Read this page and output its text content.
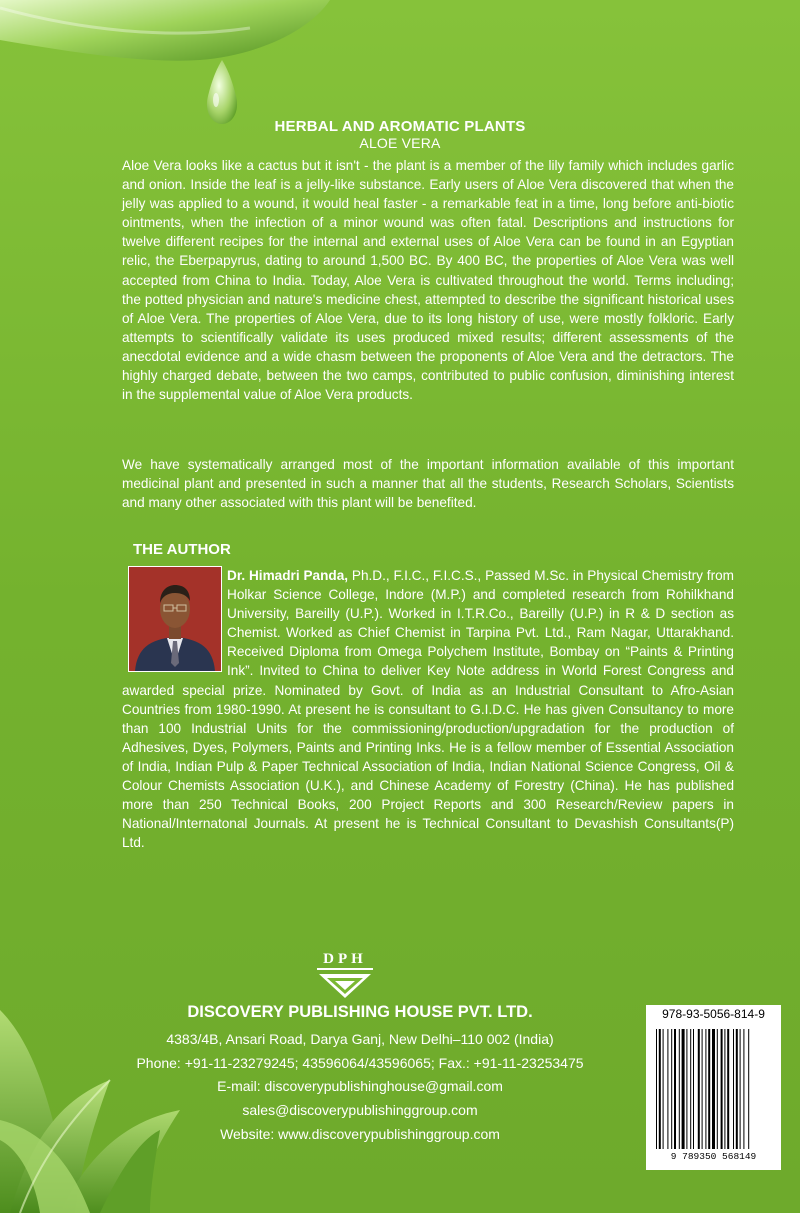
HERBAL AND AROMATIC PLANTS
ALOE VERA
Aloe Vera looks like a cactus but it isn't - the plant is a member of the lily family which includes garlic and onion. Inside the leaf is a jelly-like substance. Early users of Aloe Vera discovered that when the jelly was applied to a wound, it would heal faster - a remarkable feat in a time, long before anti-biotic ointments, when the infection of a minor wound was often fatal. Descriptions and instructions for twelve different recipes for the internal and external uses of Aloe Vera can be found in an Egyptian relic, the Eberpapyrus, dating to around 1,500 BC. By 400 BC, the properties of Aloe Vera was well accepted from China to India. Today, Aloe Vera is cultivated throughout the world. Terms including; the potted physician and nature's medicine chest, attempted to describe the significant historical uses of Aloe Vera. The properties of Aloe Vera, due to its long history of use, were mostly folkloric. Early attempts to scientifically validate its uses produced mixed results; different assessments of the anecdotal evidence and a wide chasm between the proponents of Aloe Vera and the detractors. The highly charged debate, between the two camps, contributed to public confusion, diminishing interest in the supplemental value of Aloe Vera products.
We have systematically arranged most of the important information available of this important medicinal plant and presented in such a manner that all the students, Research Scholars, Scientists and many other associated with this plant will be benefited.
THE AUTHOR
Dr. Himadri Panda, Ph.D., F.I.C., F.I.C.S., Passed M.Sc. in Physical Chemistry from Holkar Science College, Indore (M.P.) and completed research from Rohilkhand University, Bareilly (U.P.). Worked in I.T.R.Co., Bareilly (U.P.) in R & D section as Chemist. Worked as Chief Chemist in Tarpina Pvt. Ltd., Ram Nagar, Uttarakhand. Received Diploma from Omega Polychem Institute, Bombay on “Paints & Printing Ink”. Invited to China to deliver Key Note address in World Forest Congress and awarded special prize. Nominated by Govt. of India as an Industrial Consultant to Afro-Asian Countries from 1980-1990. At present he is consultant to G.I.D.C. He has given Consultancy to more than 100 Industrial Units for the commissioning/production/upgradation for the production of Adhesives, Dyes, Polymers, Paints and Printing Inks. He is a fellow member of Essential Association of India, Indian Pulp & Paper Technical Association of India, Indian National Science Congress, Oil & Colour Chemists Association (U.K.), and Chinese Academy of Forestry (China). He has published more than 250 Technical Books, 200 Project Reports and 300 Research/Review papers in National/Internatonal Journals. At present he is Technical Consultant to Devashish Consultants(P) Ltd.
DPH
DISCOVERY PUBLISHING HOUSE PVT. LTD.
4383/4B, Ansari Road, Darya Ganj, New Delhi–110 002 (India)
Phone: +91-11-23279245; 43596064/43596065; Fax.: +91-11-23253475
E-mail: discoverypublishinghouse@gmail.com
sales@discoverypublishinggroup.com
Website: www.discoverypublishinggroup.com
978-93-5056-814-9
9 789350 568149
